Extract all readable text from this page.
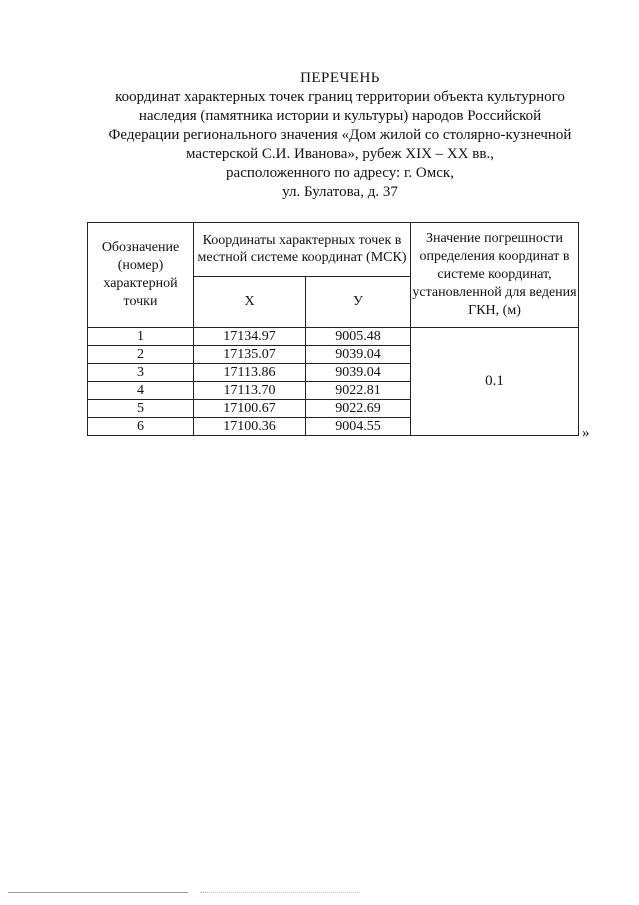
ПЕРЕЧЕНЬ
координат характерных точек границ территории объекта культурного
наследия (памятника истории и культуры) народов Российской
Федерации регионального значения «Дом жилой со столярно-кузнечной
мастерской С.И. Иванова», рубеж XIX – XX вв.,
расположенного по адресу: г. Омск,
ул. Булатова, д. 37
Обозначение (номер) характерной точки	Координаты характерных точек в местной системе координат (МСК)		Значение погрешности определения координат в системе координат, установленной для ведения ГКН, (м)
	Х	У	
1	17134.97	9005.48	0.1
2	17135.07	9039.04	
3	17113.86	9039.04	
4	17113.70	9022.81	
5	17100.67	9022.69	
6	17100.36	9004.55		»
